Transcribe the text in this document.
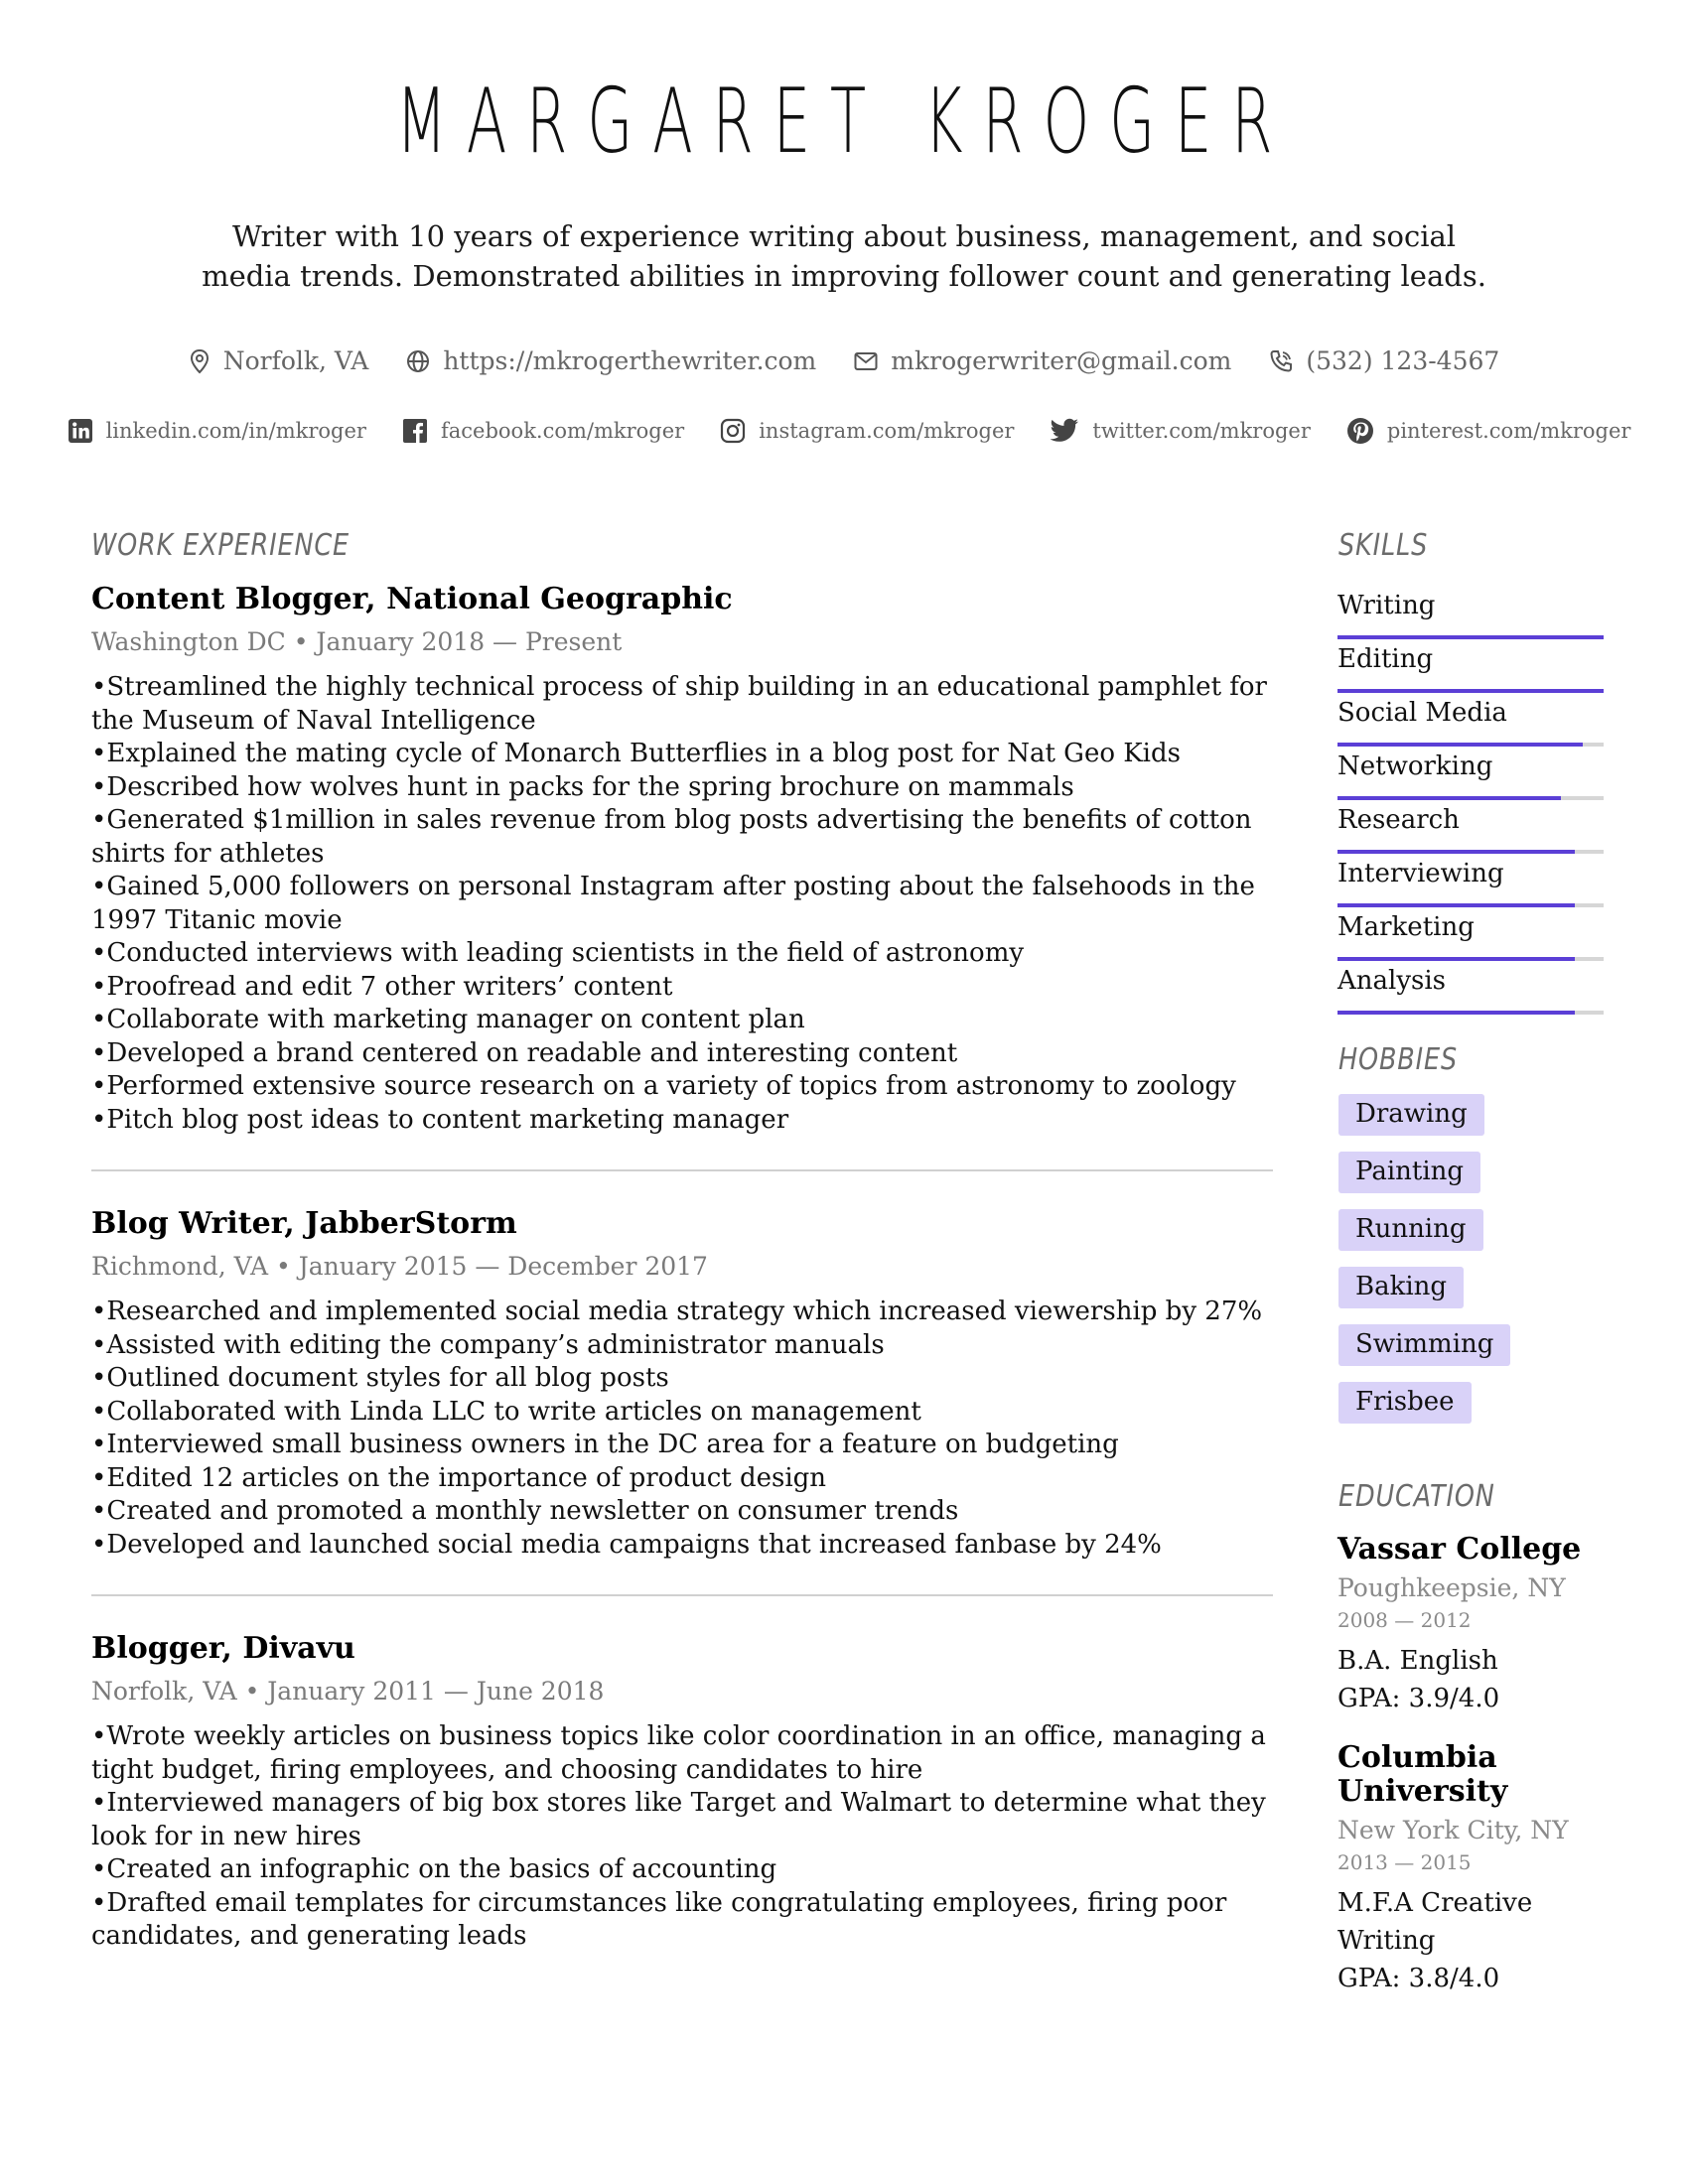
MARGARET KROGER
Writer with 10 years of experience writing about business, management, and social media trends. Demonstrated abilities in improving follower count and generating leads.
Norfolk, VA	https://mkrogerthewriter.com	mkrogerwriter@gmail.com	(532) 123-4567
linkedin.com/in/mkroger	facebook.com/mkroger	instagram.com/mkroger	twitter.com/mkroger	pinterest.com/mkroger
WORK EXPERIENCE
Content Blogger, National Geographic
Washington DC • January 2018 — Present
• Streamlined the highly technical process of ship building in an educational pamphlet for the Museum of Naval Intelligence
• Explained the mating cycle of Monarch Butterflies in a blog post for Nat Geo Kids
• Described how wolves hunt in packs for the spring brochure on mammals
• Generated $1million in sales revenue from blog posts advertising the benefits of cotton shirts for athletes
• Gained 5,000 followers on personal Instagram after posting about the falsehoods in the 1997 Titanic movie
• Conducted interviews with leading scientists in the field of astronomy
• Proofread and edit 7 other writers’ content
• Collaborate with marketing manager on content plan
• Developed a brand centered on readable and interesting content
• Performed extensive source research on a variety of topics from astronomy to zoology
• Pitch blog post ideas to content marketing manager
Blog Writer, JabberStorm
Richmond, VA • January 2015 — December 2017
• Researched and implemented social media strategy which increased viewership by 27%
• Assisted with editing the company’s administrator manuals
• Outlined document styles for all blog posts
• Collaborated with Linda LLC to write articles on management
• Interviewed small business owners in the DC area for a feature on budgeting
• Edited 12 articles on the importance of product design
• Created and promoted a monthly newsletter on consumer trends
• Developed and launched social media campaigns that increased fanbase by 24%
Blogger, Divavu
Norfolk, VA • January 2011 — June 2018
• Wrote weekly articles on business topics like color coordination in an office, managing a tight budget, firing employees, and choosing candidates to hire
• Interviewed managers of big box stores like Target and Walmart to determine what they look for in new hires
• Created an infographic on the basics of accounting
• Drafted email templates for circumstances like congratulating employees, firing poor candidates, and generating leads
SKILLS
Writing
Editing
Social Media
Networking
Research
Interviewing
Marketing
Analysis
HOBBIES
Drawing
Painting
Running
Baking
Swimming
Frisbee
EDUCATION
Vassar College
Poughkeepsie, NY
2008 — 2012
B.A. English
GPA: 3.9/4.0
Columbia University
New York City, NY
2013 — 2015
M.F.A Creative Writing
GPA: 3.8/4.0
